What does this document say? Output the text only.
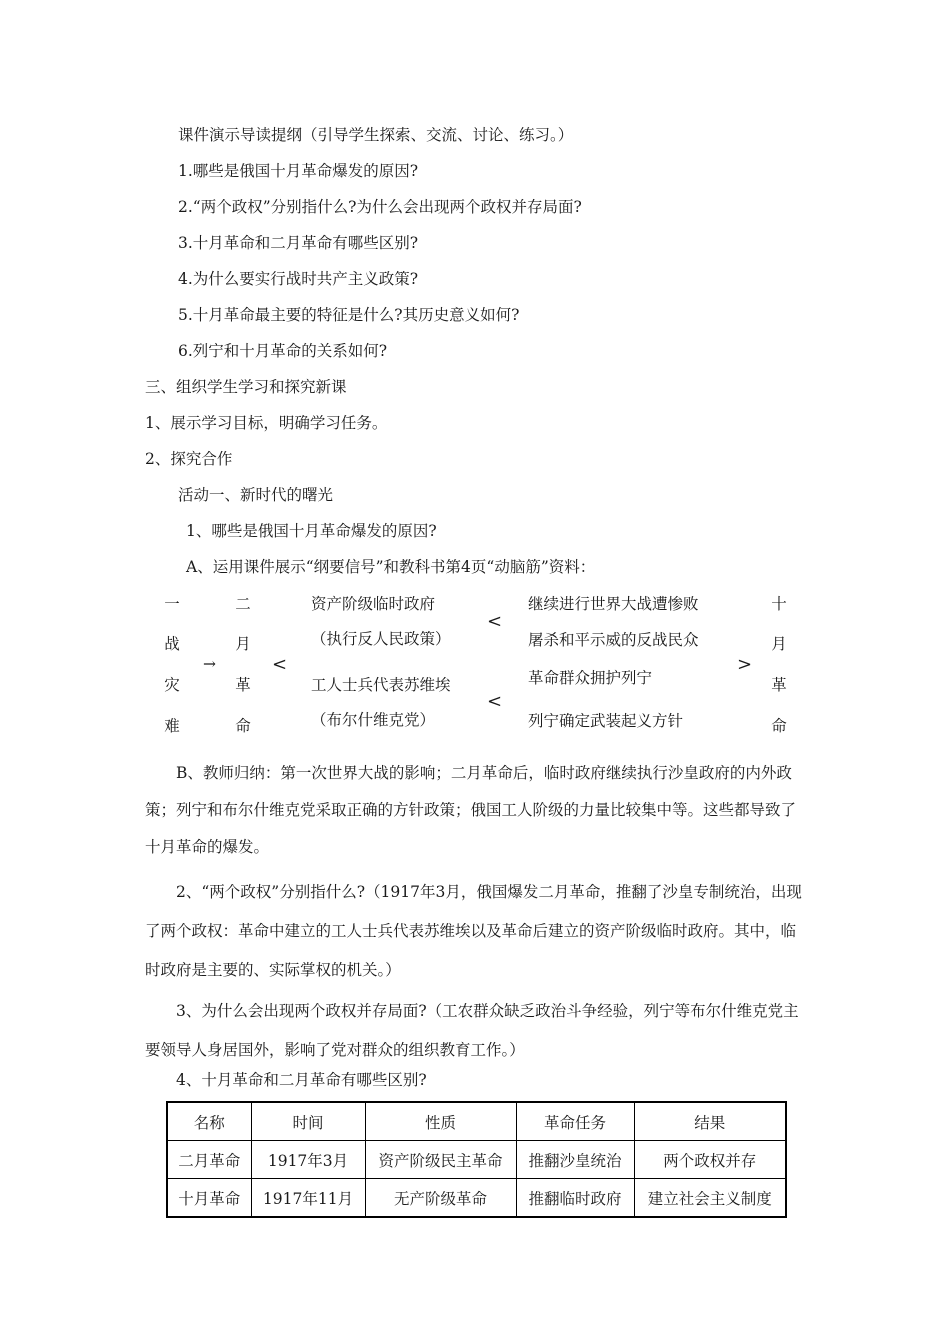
课件演示导读提纲（引导学生探索、交流、讨论、练习。）
1.哪些是俄国十月革命爆发的原因?
2.“两个政权”分别指什么?为什么会出现两个政权并存局面?
3.十月革命和二月革命有哪些区别?
4.为什么要实行战时共产主义政策?
5.十月革命最主要的特征是什么?其历史意义如何?
6.列宁和十月革命的关系如何?
三、组织学生学习和探究新课
1、展示学习目标，明确学习任务。
2、探究合作
活动一、新时代的曙光
1、哪些是俄国十月革命爆发的原因?
A、运用课件展示“纲要信号”和教科书第4页“动脑筋”资料：
一
战
灾
难
→
二
月
革
命
<
资产阶级临时政府
（执行反人民政策）
工人士兵代表苏维埃
（布尔什维克党）
<
<
继续进行世界大战遭惨败
屠杀和平示威的反战民众
革命群众拥护列宁
列宁确定武装起义方针
>
十
月
革
命
B、教师归纳：第一次世界大战的影响；二月革命后，临时政府继续执行沙皇政府的内外政策；列宁和布尔什维克党采取正确的方针政策；俄国工人阶级的力量比较集中等。这些都导致了十月革命的爆发。
2、“两个政权”分别指什么?（1917年3月，俄国爆发二月革命，推翻了沙皇专制统治，出现了两个政权：革命中建立的工人士兵代表苏维埃以及革命后建立的资产阶级临时政府。其中，临时政府是主要的、实际掌权的机关。）
3、为什么会出现两个政权并存局面?（工农群众缺乏政治斗争经验，列宁等布尔什维克党主要领导人身居国外，影响了党对群众的组织教育工作。）
4、十月革命和二月革命有哪些区别?
名称	时间	性质	革命任务	结果
二月革命	1917年3月	资产阶级民主革命	推翻沙皇统治	两个政权并存
十月革命	1917年11月	无产阶级革命	推翻临时政府	建立社会主义制度
